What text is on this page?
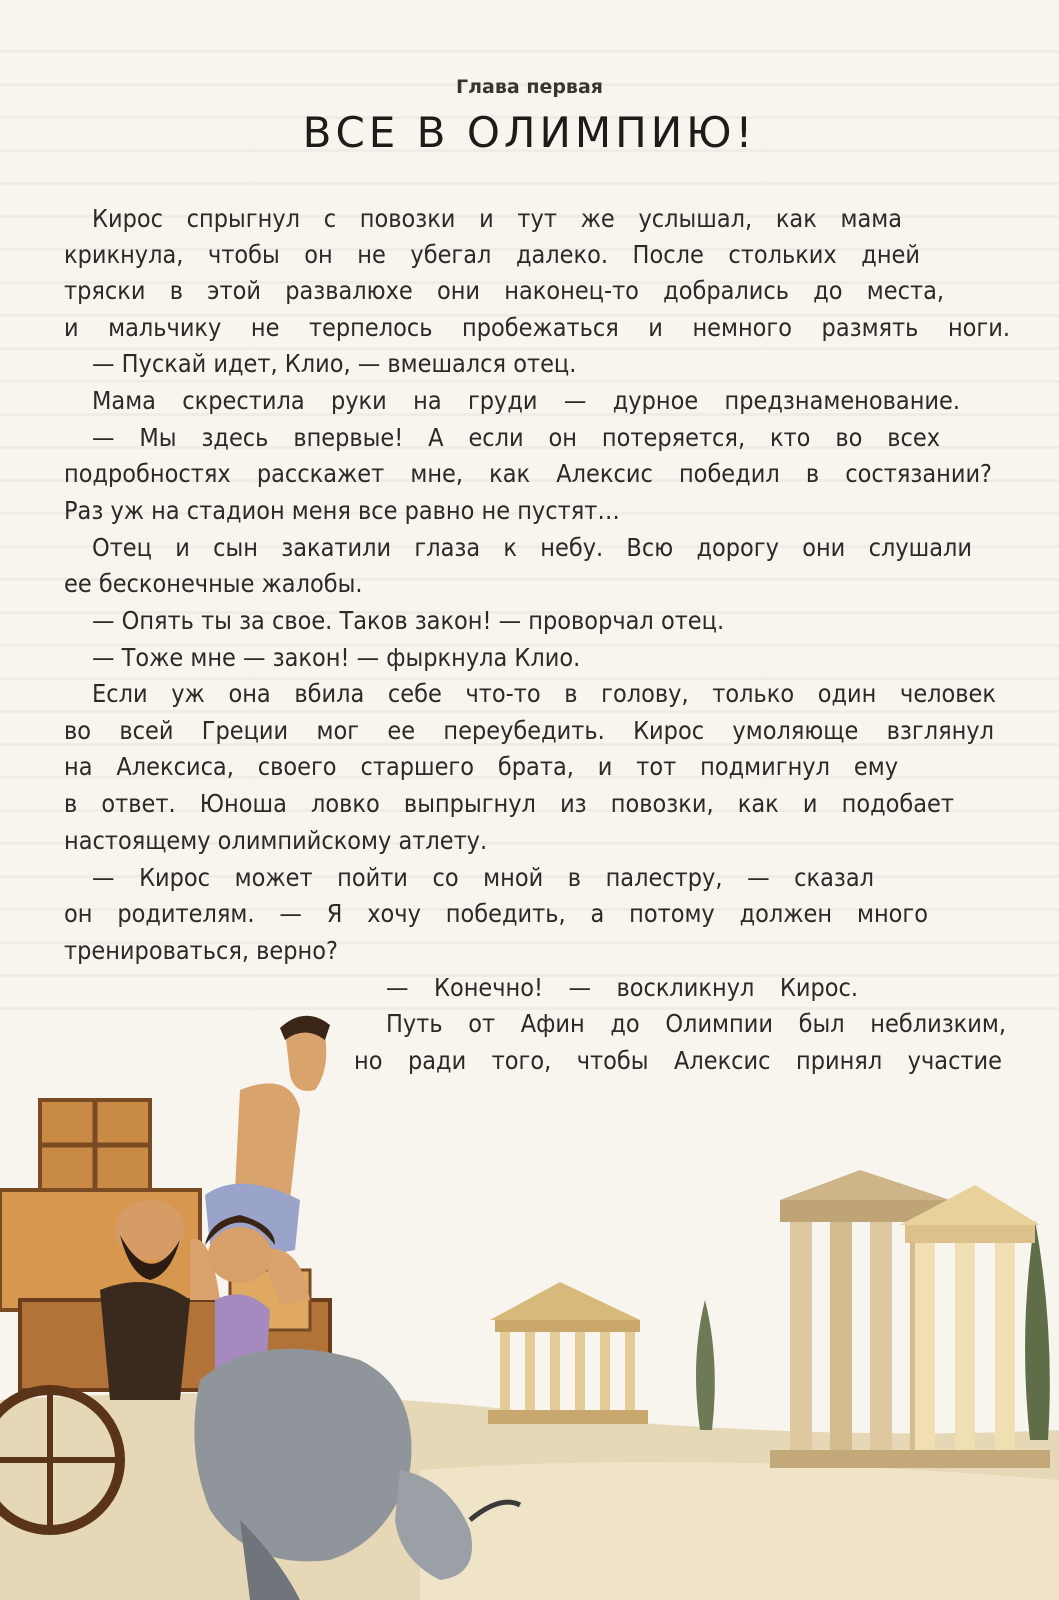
Глава первая
ВСЕ В ОЛИМПИЮ!
Кирос спрыгнул с повозки и тут же услышал, как мама
крикнула, чтобы он не убегал далеко. После стольких дней
тряски в этой развалюхе они наконец-то добрались до места,
и мальчику не терпелось пробежаться и немного размять ноги.
— Пускай идет, Клио, — вмешался отец.
Мама скрестила руки на груди — дурное предзнаменование.
— Мы здесь впервые! А если он потеряется, кто во всех
подробностях расскажет мне, как Алексис победил в состязании?
Раз уж на стадион меня все равно не пустят…
Отец и сын закатили глаза к небу. Всю дорогу они слушали
ее бесконечные жалобы.
— Опять ты за свое. Таков закон! — проворчал отец.
— Тоже мне — закон! — фыркнула Клио.
Если уж она вбила себе что-то в голову, только один человек
во всей Греции мог ее переубедить. Кирос умоляюще взглянул
на Алексиса, своего старшего брата, и тот подмигнул ему
в ответ. Юноша ловко выпрыгнул из повозки, как и подобает
настоящему олимпийскому атлету.
— Кирос может пойти со мной в палестру, — сказал
он родителям. — Я хочу победить, а потому должен много
тренироваться, верно?
— Конечно! — воскликнул Кирос.
Путь от Афин до Олимпии был неблизким,
но ради того, чтобы Алексис принял участие
